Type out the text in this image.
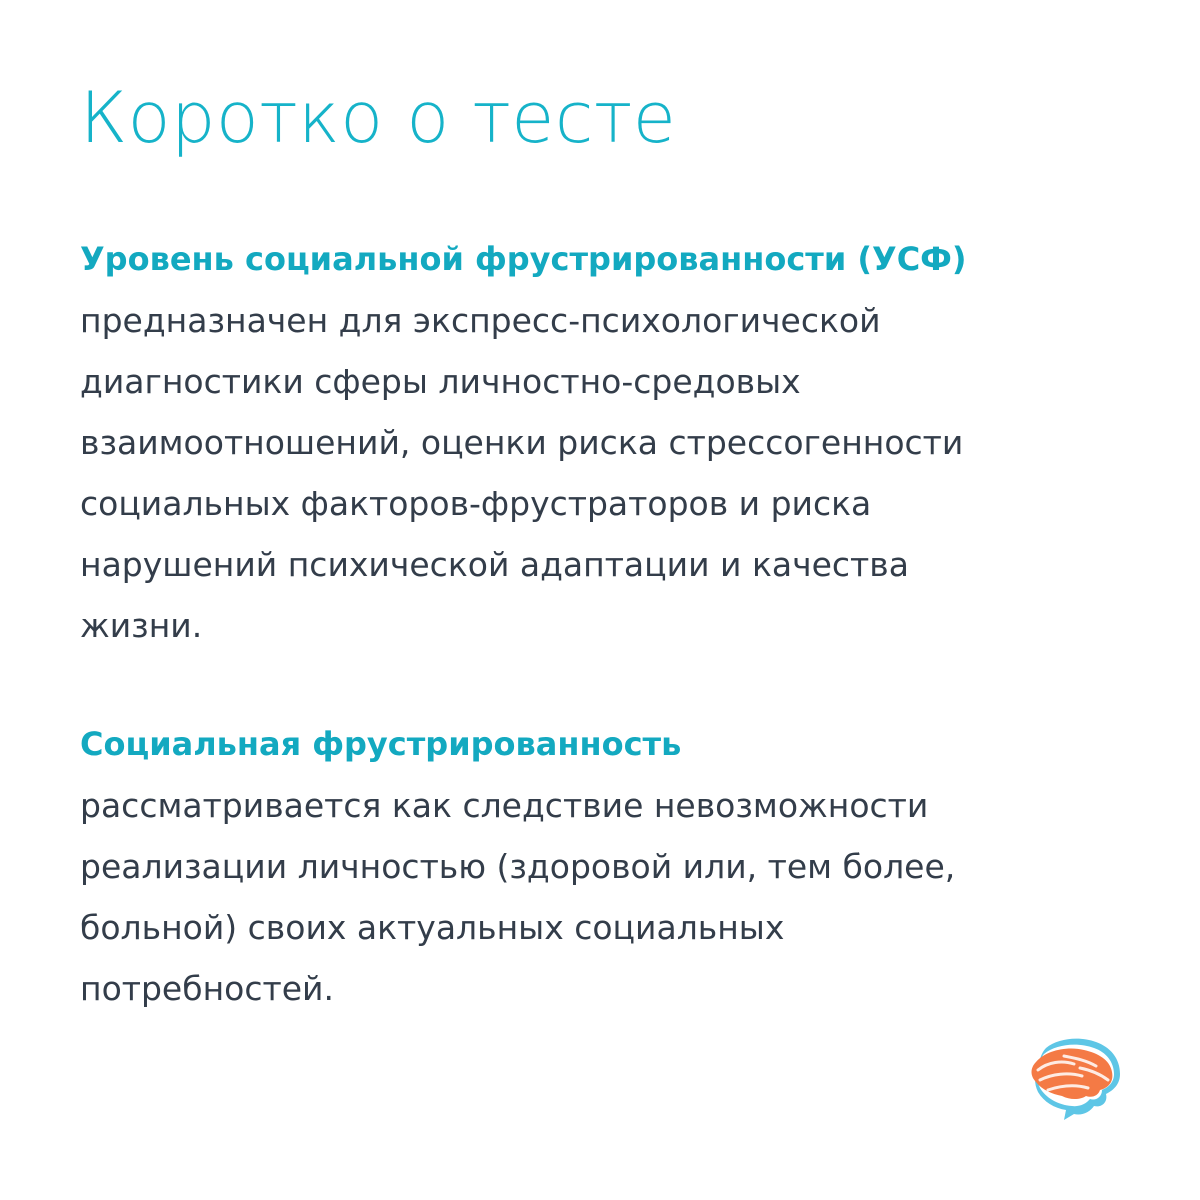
Коротко о тесте
Уровень социальной фрустрированности (УСФ)
предназначен для экспресс-психологической
диагностики сферы личностно-средовых
взаимоотношений, оценки риска стрессогенности
социальных факторов-фрустраторов и риска
нарушений психической адаптации и качества
жизни.
Социальная фрустрированность
рассматривается как следствие невозможности
реализации личностью (здоровой или, тем более,
больной) своих актуальных социальных
потребностей.
